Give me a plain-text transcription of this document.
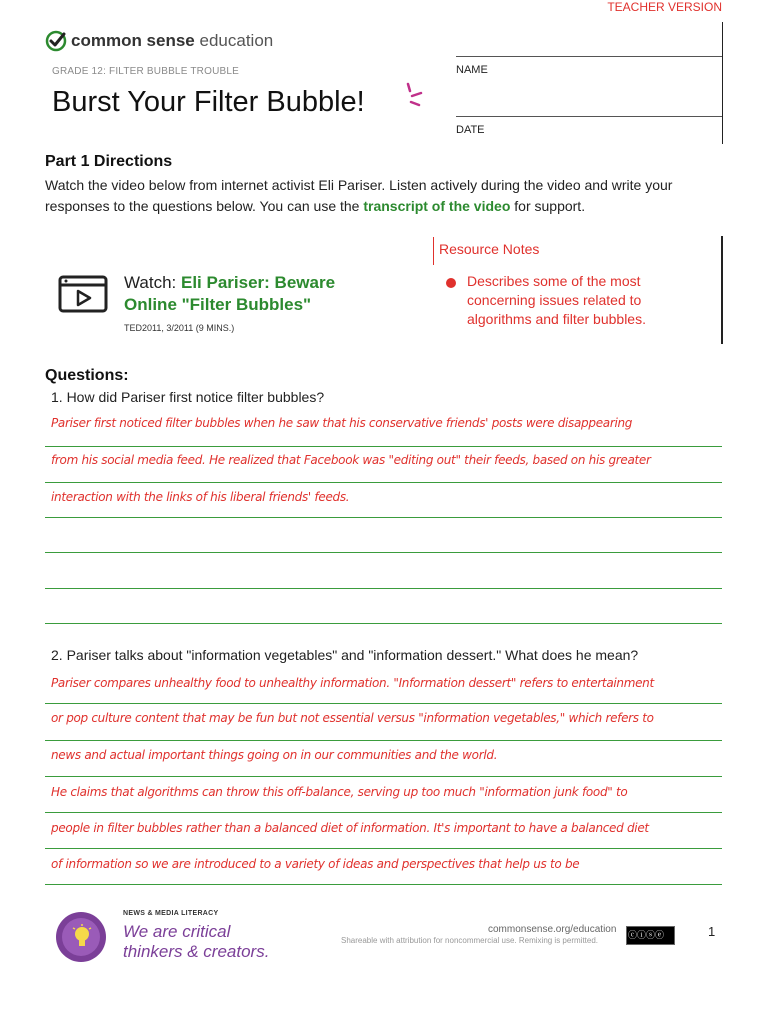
TEACHER VERSION
common sense education
GRADE 12: FILTER BUBBLE TROUBLE
Burst Your Filter Bubble!
NAME
DATE
Part 1 Directions
Watch the video below from internet activist Eli Pariser. Listen actively during the video and write your responses to the questions below. You can use the transcript of the video for support.
Watch: Eli Pariser: Beware Online "Filter Bubbles"
TED2011, 3/2011 (9 MINS.)
Resource Notes
Describes some of the most concerning issues related to algorithms and filter bubbles.
Questions:
1. How did Pariser first notice filter bubbles?
Pariser first noticed filter bubbles when he saw that his conservative friends' posts were disappearing
from his social media feed. He realized that Facebook was "editing out" their feeds, based on his greater
interaction with the links of his liberal friends' feeds.
2. Pariser talks about "information vegetables" and "information dessert." What does he mean?
Pariser compares unhealthy food to unhealthy information. "Information dessert" refers to entertainment
or pop culture content that may be fun but not essential versus "information vegetables," which refers to
news and actual important things going on in our communities and the world.
He claims that algorithms can throw this off-balance, serving up too much "information junk food" to
people in filter bubbles rather than a balanced diet of information. It's important to have a balanced diet
of information so we are introduced to a variety of ideas and perspectives that help us to be
NEWS & MEDIA LITERACY
We are critical
thinkers & creators.
commonsense.org/education
Shareable with attribution for noncommercial use. Remixing is permitted.	ⓒⓘⓢⓔ	1
